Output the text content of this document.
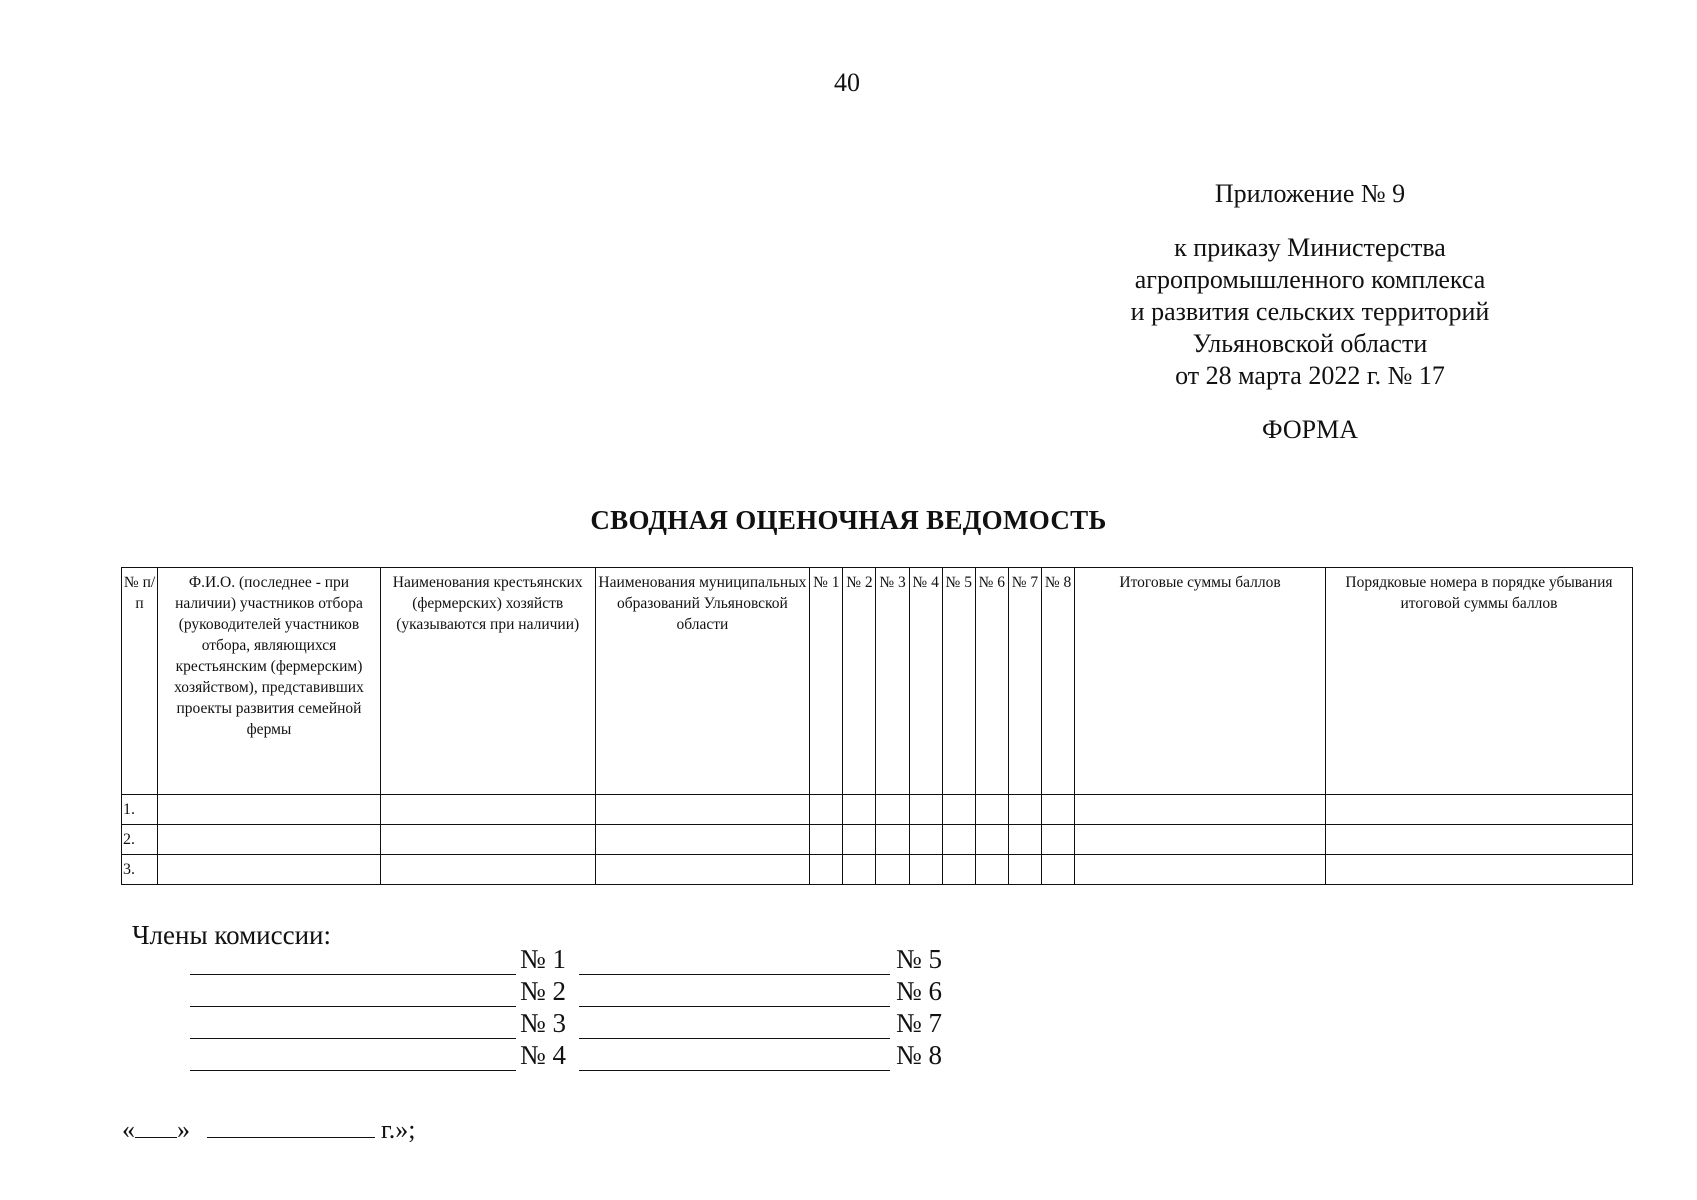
40
Приложение № 9
к приказу Министерства
агропромышленного комплекса
и развития сельских территорий
Ульяновской области
от 28 марта 2022 г. № 17
ФОРМА
СВОДНАЯ ОЦЕНОЧНАЯ ВЕДОМОСТЬ
№ п/п	Ф.И.О. (последнее - при наличии) участников отбора (руководителей участников отбора, являющихся крестьянским (фермерским) хозяйством), представивших проекты развития семейной фермы	Наименования крестьянских (фермерских) хозяйств (указываются при наличии)	Наименования муниципальных образований Ульяновской области	№ 1	№ 2	№ 3	№ 4	№ 5	№ 6	№ 7	№ 8	Итоговые суммы баллов	Порядковые номера в порядке убывания итоговой суммы баллов
1.													
2.													
3.													
Члены комиссии:
№ 1	№ 5
№ 2	№ 6
№ 3	№ 7
№ 4	№ 8
« »	г.»;
